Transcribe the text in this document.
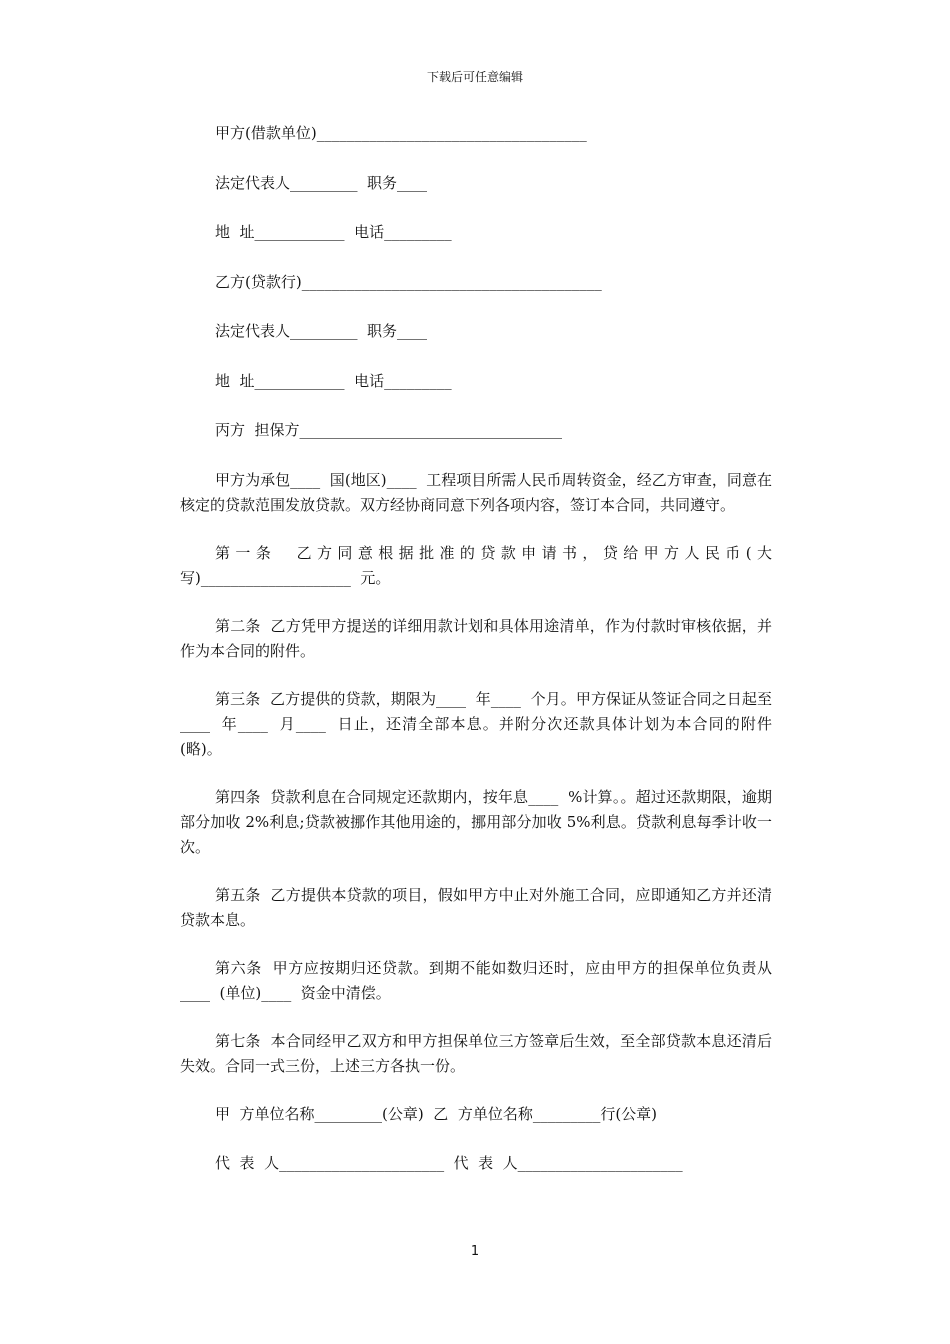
下载后可任意编辑
甲方(借款单位)____________________________________
法定代表人_________  职务____
地  址____________  电话_________
乙方(贷款行)________________________________________
法定代表人_________  职务____
地  址____________  电话_________
丙方  担保方___________________________________
甲方为承包____  国(地区)____  工程项目所需人民币周转资金，经乙方审查，同意在核定的贷款范围发放贷款。双方经协商同意下列各项内容，签订本合同，共同遵守。
第一条  乙方同意根据批准的贷款申请书，贷给甲方人民币(大写)____________________  元。
第二条  乙方凭甲方提送的详细用款计划和具体用途清单，作为付款时审核依据，并作为本合同的附件。
第三条  乙方提供的贷款，期限为____  年____  个月。甲方保证从签证合同之日起至____  年____  月____  日止，还清全部本息。并附分次还款具体计划为本合同的附件(略)。
第四条  贷款利息在合同规定还款期内，按年息____  %计算。。超过还款期限，逾期部分加收 2%利息;贷款被挪作其他用途的，挪用部分加收 5%利息。贷款利息每季计收一次。
第五条  乙方提供本贷款的项目，假如甲方中止对外施工合同，应即通知乙方并还清贷款本息。
第六条  甲方应按期归还贷款。到期不能如数归还时，应由甲方的担保单位负责从____  (单位)____  资金中清偿。
第七条  本合同经甲乙双方和甲方担保单位三方签章后生效，至全部贷款本息还清后失效。合同一式三份，上述三方各执一份。
甲  方单位名称_________(公章)  乙  方单位名称_________行(公章)
代  表  人______________________  代  表  人______________________
1
